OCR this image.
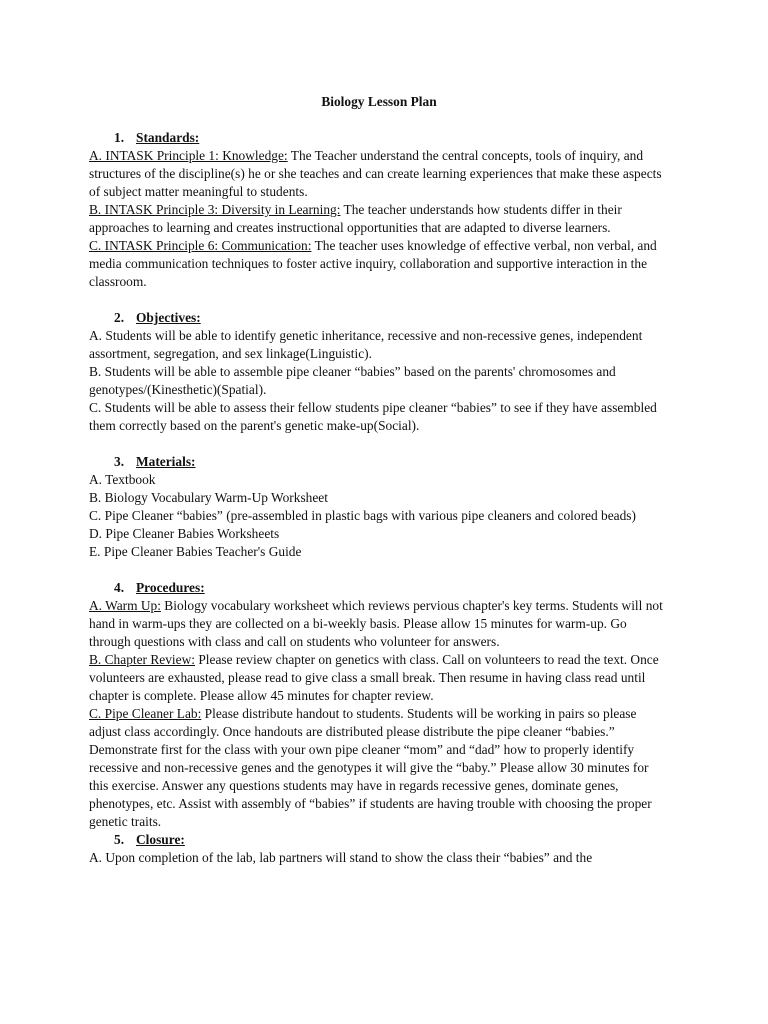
Biology Lesson Plan
1. Standards:

A. INTASK Principle 1: Knowledge: The Teacher understand the central concepts, tools of inquiry, and structures of the discipline(s) he or she teaches and can create learning experiences that make these aspects of subject matter meaningful to students.

B. INTASK Principle 3: Diversity in Learning: The teacher understands how students differ in their approaches to learning and creates instructional opportunities that are adapted to diverse learners.

C. INTASK Principle 6: Communication: The teacher uses knowledge of effective verbal, non verbal, and media communication techniques to foster active inquiry, collaboration and supportive interaction in the classroom.

2. Objectives:

A. Students will be able to identify genetic inheritance, recessive and non-recessive genes, independent assortment, segregation, and sex linkage(Linguistic).

B. Students will be able to assemble pipe cleaner “babies” based on the parents' chromosomes and genotypes/(Kinesthetic)(Spatial).

C. Students will be able to assess their fellow students pipe cleaner “babies” to see if they have assembled them correctly based on the parent's genetic make-up(Social).

3. Materials:

A. Textbook

B. Biology Vocabulary Warm-Up Worksheet

C. Pipe Cleaner “babies” (pre-assembled in plastic bags with various pipe cleaners and colored beads)

D. Pipe Cleaner Babies Worksheets

E. Pipe Cleaner Babies Teacher's Guide

4. Procedures:

A. Warm Up: Biology vocabulary worksheet which reviews pervious chapter's key terms. Students will not hand in warm-ups they are collected on a bi-weekly basis. Please allow 15 minutes for warm-up. Go through questions with class and call on students who volunteer for answers.

B. Chapter Review: Please review chapter on genetics with class. Call on volunteers to read the text. Once volunteers are exhausted, please read to give class a small break. Then resume in having class read until chapter is complete. Please allow 45 minutes for chapter review.

C. Pipe Cleaner Lab: Please distribute handout to students. Students will be working in pairs so please adjust class accordingly. Once handouts are distributed please distribute the pipe cleaner “babies.” Demonstrate first for the class with your own pipe cleaner “mom” and “dad” how to properly identify recessive and non-recessive genes and the genotypes it will give the “baby.” Please allow 30 minutes for this exercise. Answer any questions students may have in regards recessive genes, dominate genes, phenotypes, etc. Assist with assembly of “babies” if students are having trouble with choosing the proper genetic traits.

5. Closure:

A. Upon completion of the lab, lab partners will stand to show the class their “babies” and the
